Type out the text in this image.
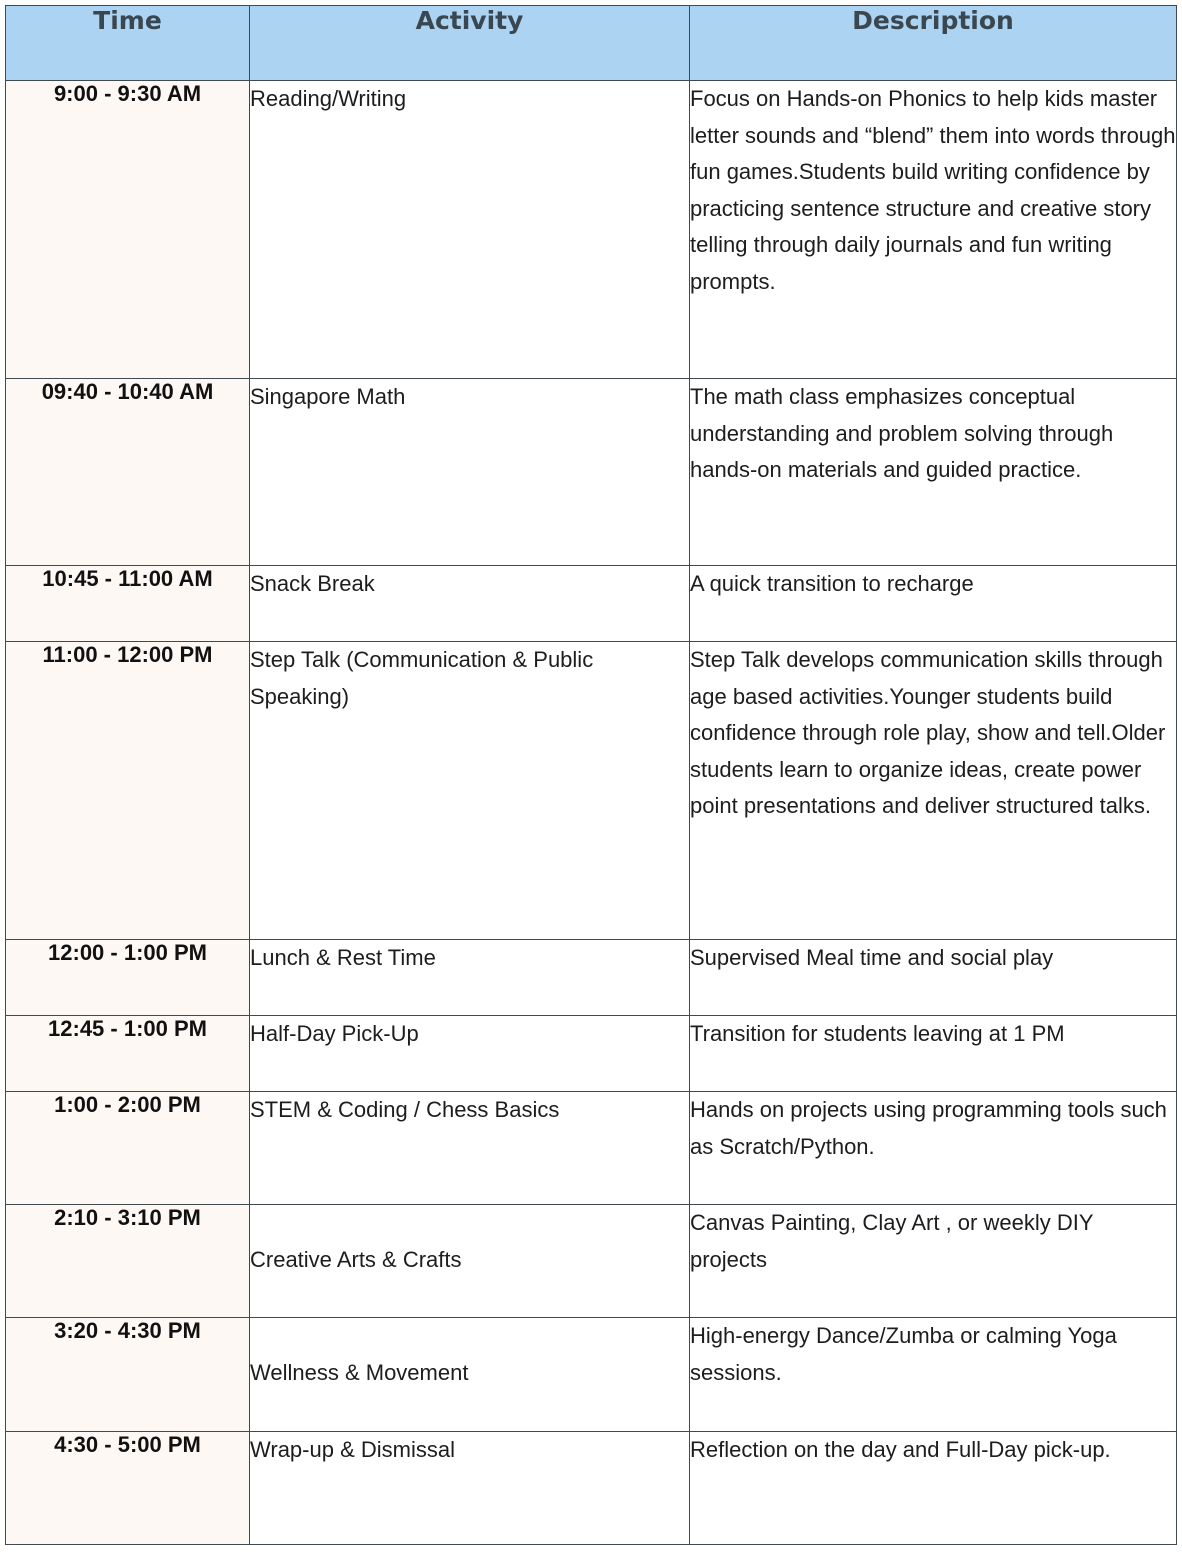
Time	Activity	Description
9:00 - 9:30 AM	Reading/Writing	Focus on Hands-on Phonics to help kids master letter sounds and “blend” them into words through fun games.Students build writing confidence by practicing sentence structure and creative story telling through daily journals and fun writing prompts.
09:40 - 10:40 AM	Singapore Math	The math class emphasizes conceptual understanding and problem solving through hands-on materials and guided practice.
10:45 - 11:00 AM	Snack Break	A quick transition to recharge
11:00 - 12:00 PM	Step Talk (Communication & Public Speaking)	Step Talk develops communication skills through age based activities.Younger students build confidence through role play, show and tell.Older students learn to organize ideas, create power point presentations and deliver structured talks.
12:00 - 1:00 PM	Lunch & Rest Time	Supervised Meal time and social play
12:45 - 1:00 PM	Half-Day Pick-Up	Transition for students leaving at 1 PM
1:00 - 2:00 PM	STEM & Coding / Chess Basics	Hands on projects using programming tools such as Scratch/Python.
2:10 - 3:10 PM	Creative Arts & Crafts	Canvas Painting, Clay Art , or weekly DIY projects
3:20 - 4:30 PM	Wellness & Movement	High-energy Dance/Zumba or calming Yoga sessions.
4:30 - 5:00 PM	Wrap-up & Dismissal	Reflection on the day and Full-Day pick-up.
